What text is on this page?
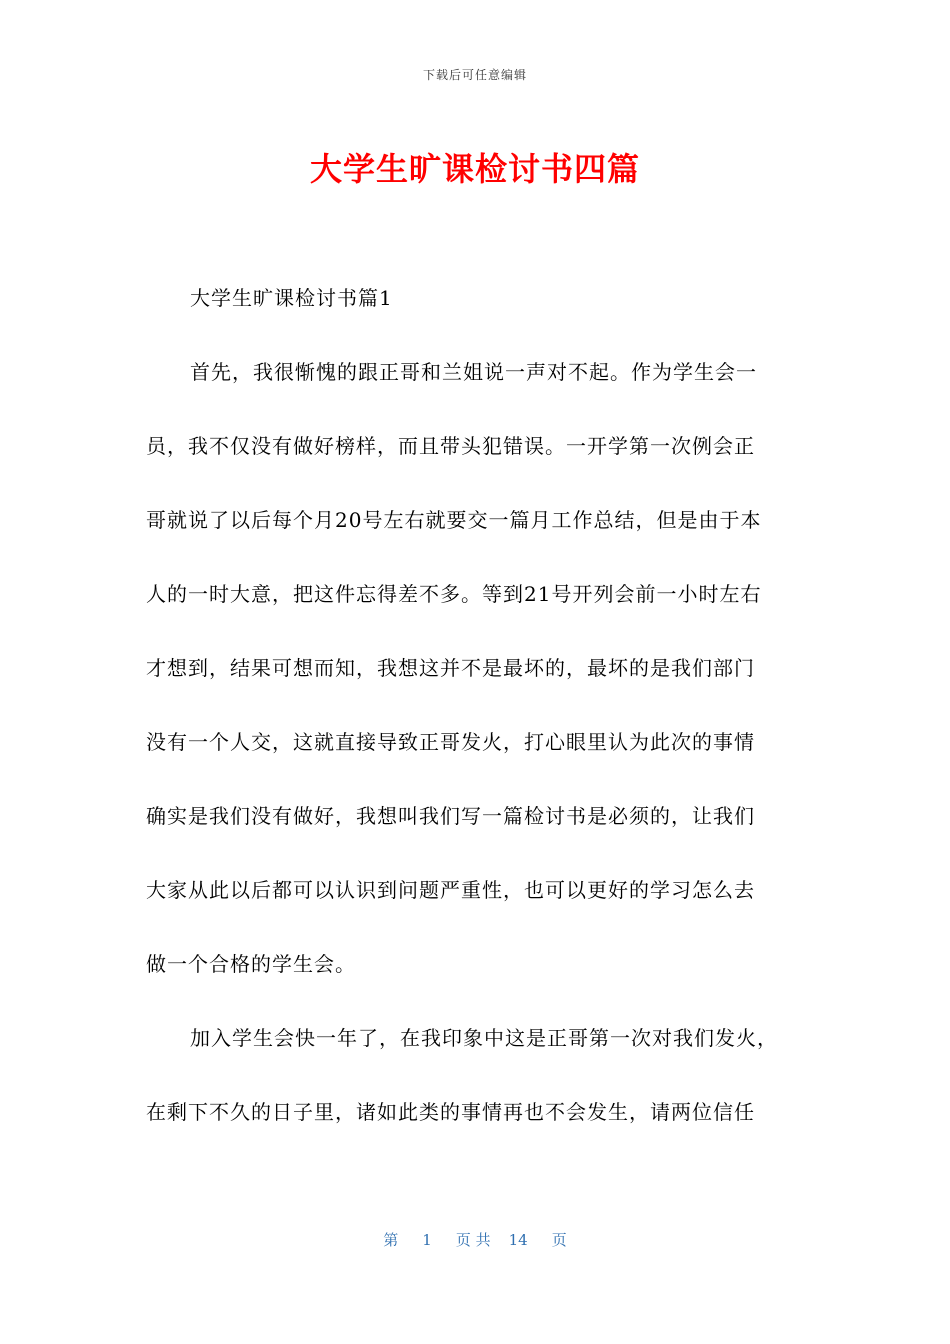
下载后可任意编辑
大学生旷课检讨书四篇

大学生旷课检讨书篇1

首先，我很惭愧的跟正哥和兰姐说一声对不起。作为学生会一

员，我不仅没有做好榜样，而且带头犯错误。一开学第一次例会正

哥就说了以后每个月20号左右就要交一篇月工作总结，但是由于本

人的一时大意，把这件忘得差不多。等到21号开列会前一小时左右

才想到，结果可想而知，我想这并不是最坏的，最坏的是我们部门

没有一个人交，这就直接导致正哥发火，打心眼里认为此次的事情

确实是我们没有做好，我想叫我们写一篇检讨书是必须的，让我们

大家从此以后都可以认识到问题严重性，也可以更好的学习怎么去

做一个合格的学生会。

加入学生会快一年了，在我印象中这是正哥第一次对我们发火，

在剩下不久的日子里，诸如此类的事情再也不会发生，请两位信任

第 1 页 共 14 页
